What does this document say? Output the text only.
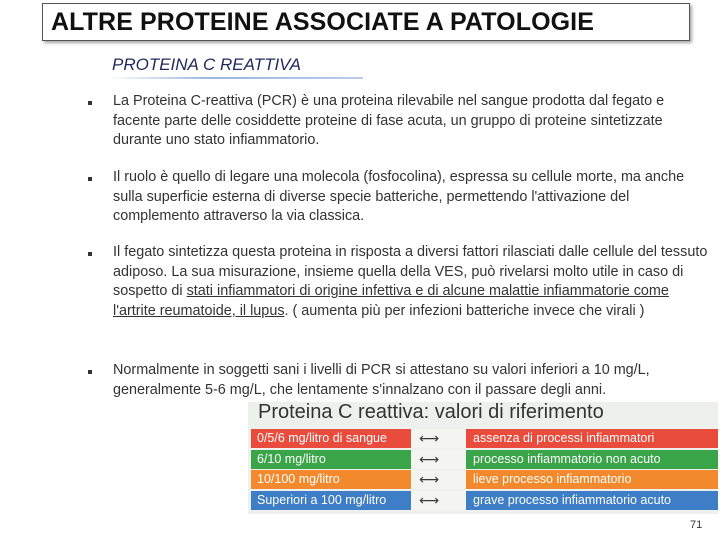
ALTRE PROTEINE ASSOCIATE A PATOLOGIE
PROTEINA C REATTIVA
La Proteina C-reattiva (PCR) è una proteina rilevabile nel sangue prodotta dal fegato e facente parte delle cosiddette proteine di fase acuta, un gruppo di proteine sintetizzate durante uno stato infiammatorio.
Il ruolo è quello di legare una molecola (fosfocolina), espressa su cellule morte, ma anche sulla superficie esterna di diverse specie batteriche, permettendo l'attivazione del complemento attraverso la via classica.
Il fegato sintetizza questa proteina in risposta a diversi fattori rilasciati dalle cellule del tessuto adiposo. La sua misurazione, insieme quella della VES, può rivelarsi molto utile in caso di sospetto di stati infiammatori di origine infettiva e di alcune malattie infiammatorie come l'artrite reumatoide, il lupus. ( aumenta più per infezioni batteriche invece che virali )
Normalmente in soggetti sani i livelli di PCR si attestano su valori inferiori a 10 mg/L, generalmente 5-6 mg/L, che lentamente s'innalzano con il passare degli anni.
Proteina C reattiva: valori di riferimento
0/5/6 mg/litro di sangue ⟷	assenza di processi infiammatori
6/10 mg/litro	⟷	processo infiammatorio non acuto
10/100 mg/litro	⟷	lieve processo infiammatorio
Superiori a 100 mg/litro ⟷	grave processo infiammatorio acuto
71
